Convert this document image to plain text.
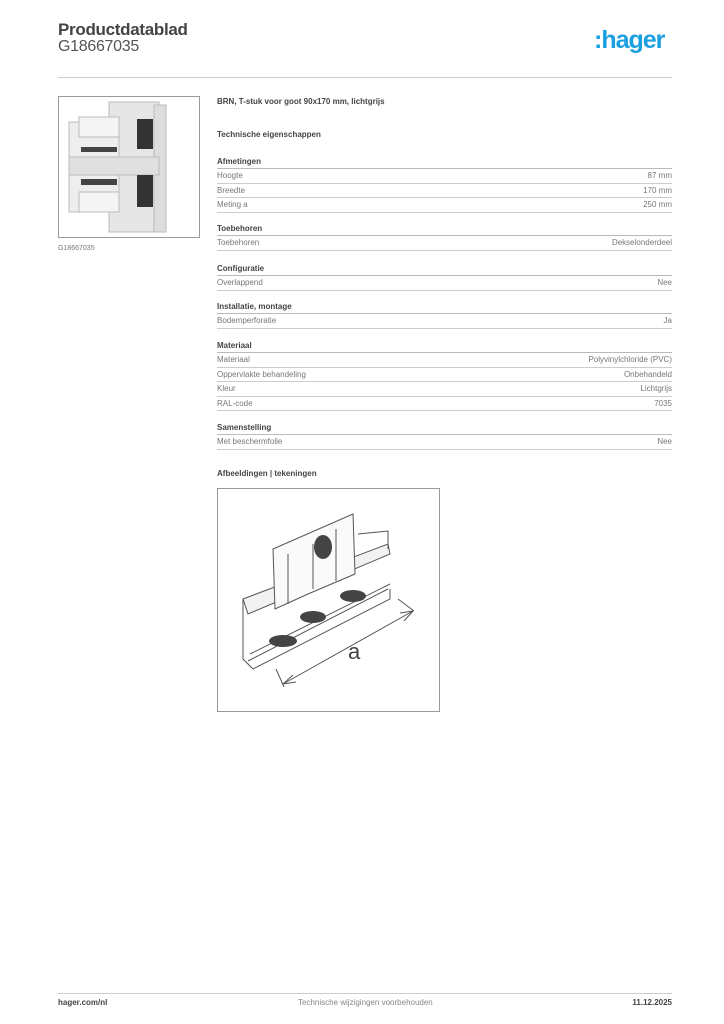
Productdatablad
G18667035	:hager
G18667035
BRN, T-stuk voor goot 90x170 mm, lichtgrijs
Technische eigenschappen
Afmetingen
Hoogte	87 mm
Breedte	170 mm
Meting a	250 mm
Toebehoren
Toebehoren	Dekselonderdeel
Configuratie
Overlappend	Nee
Installatie, montage
Bodemperforatie	Ja
Materiaal
Materiaal	Polyvinylchloride (PVC)
Oppervlakte behandeling	Onbehandeld
Kleur	Lichtgrijs
RAL-code	7035
Samenstelling
Met beschermfolie	Nee
Afbeeldingen | tekeningen
a
hager.com/nl	Technische wijzigingen voorbehouden	11.12.2025
